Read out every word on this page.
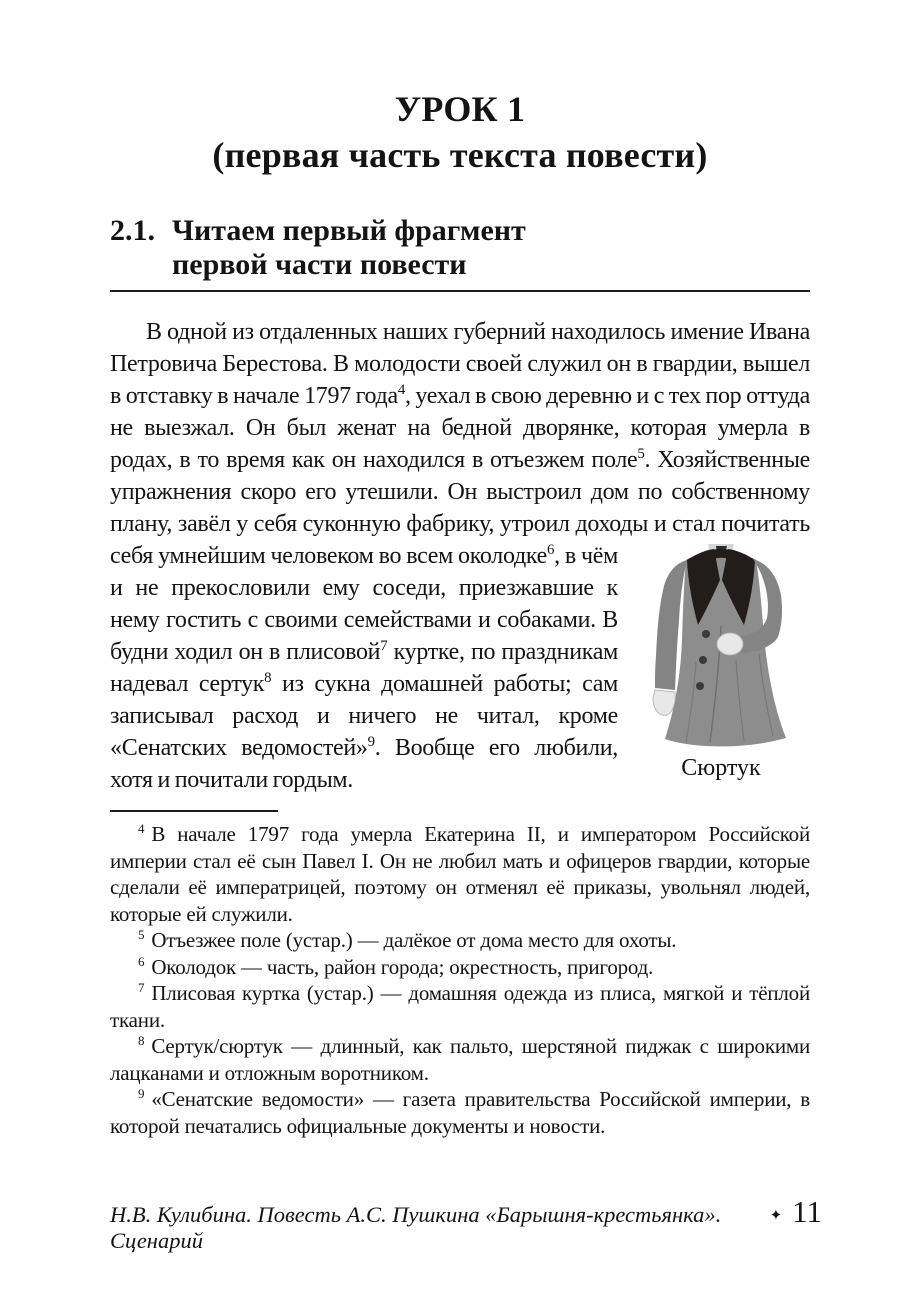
УРОК 1
(первая часть текста повести)
2.1. Читаем первый фрагмент
первой части повести

В одной из отдаленных наших губерний находилось имение Ивана Петровича Берестова. В молодости своей служил он в гвардии, вышел в отставку в начале 1797 года$^4$, уехал в свою деревню и с тех пор оттуда не выезжал. Он был женат на бедной дворянке, которая умерла в родах, в то время как он находился в отъезжем поле$^5$. Хозяйственные упражнения скоро его утешили. Он выстроил дом по собственному плану, завёл у себя суконную фабрику, утроил доходы и стал почитать себя умнейшим
Сюртук
человеком во всем околодке$^6$, в чём и не прекословили ему соседи, приезжавшие к нему гостить с своими семействами и собаками. В будни ходил он в плисовой$^7$ куртке, по праздникам надевал сертук$^8$ из сукна домашней работы; сам записывал расход и ничего не читал, кроме «Сенатских ведомостей»$^9$. Вообще его любили, хотя и почитали гордым.

$^4$ В начале 1797 года умерла Екатерина II, и императором Российской империи стал её сын Павел I. Он не любил мать и офицеров гвардии, которые сделали её императрицей, поэтому он отменял её приказы, увольнял людей, которые ей служили.

$^5$ Отъезжее поле (устар.) — далёкое от дома место для охоты.

$^6$ Околодок — часть, район города; окрестность, пригород.

$^7$ Плисовая куртка (устар.) — домашняя одежда из плиса, мягкой и тёплой ткани.

$^8$ Сертук/сюртук — длинный, как пальто, шерстяной пиджак с широкими лацканами и отложным воротником.

$^9$ «Сенатские ведомости» — газета правительства Российской империи, в которой печатались официальные документы и новости.

Н.В. Кулибина. Повесть А.С. Пушкина «Барышня-крестьянка». Сценарий
✦ 11
